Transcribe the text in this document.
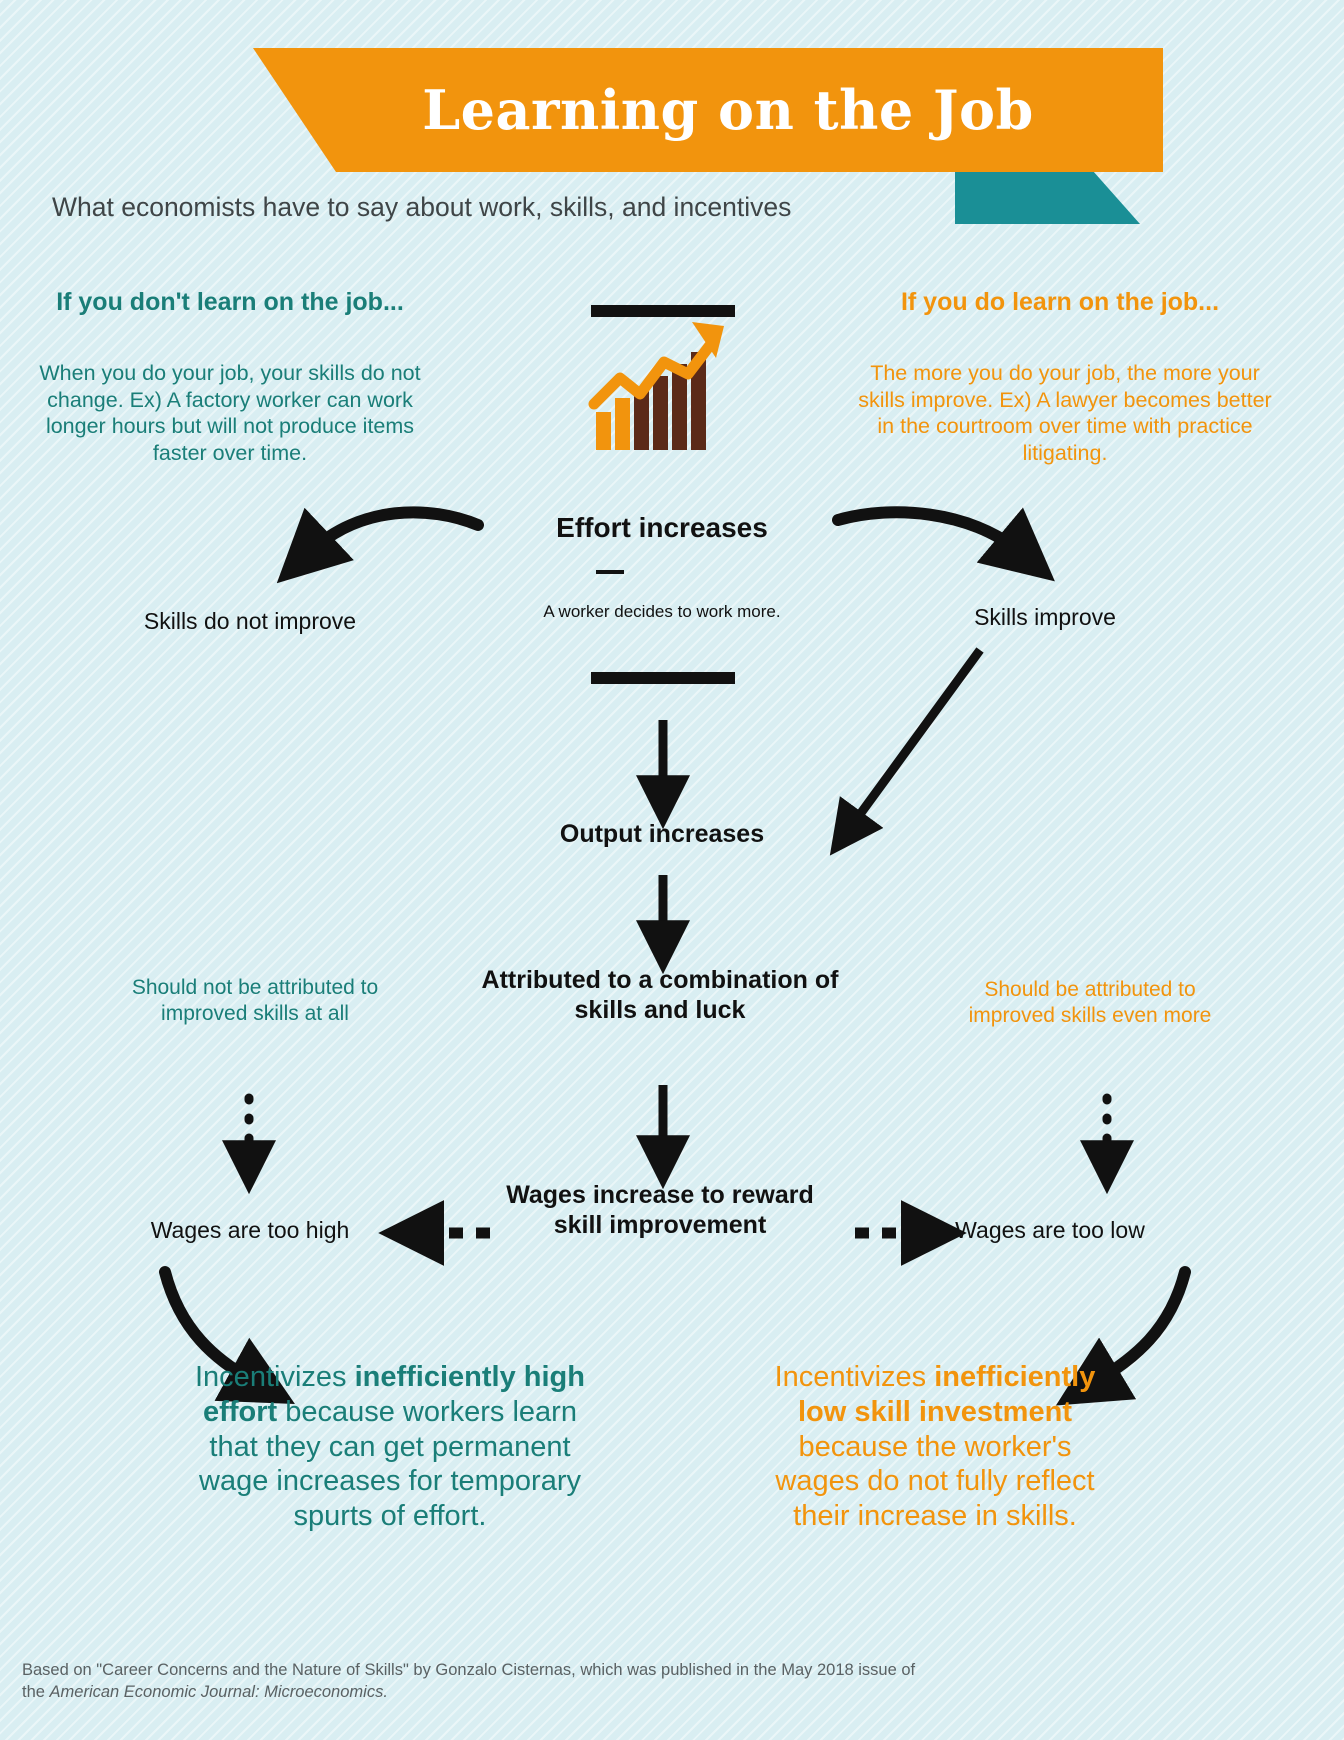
Learning on the Job
What economists have to say about work, skills, and incentives
If you don't learn on the job...
When you do your job, your skills do not change. Ex) A factory worker can work longer hours but will not produce items faster over time.
If you do learn on the job...
The more you do your job, the more your skills improve. Ex) A lawyer becomes better in the courtroom over time with practice litigating.
Effort increases
A worker decides to work more.
Skills do not improve	Skills improve
Output increases
Attributed to a combination of skills and luck
Should not be attributed to improved skills at all
Should be attributed to improved skills even more
Wages increase to reward skill improvement
Wages are too high	Wages are too low
Incentivizes inefficiently high effort because workers learn that they can get permanent wage increases for temporary spurts of effort.
Incentivizes inefficiently low skill investment because the worker's wages do not fully reflect their increase in skills.
Based on "Career Concerns and the Nature of Skills" by Gonzalo Cisternas, which was published in the May 2018 issue of the American Economic Journal: Microeconomics.
